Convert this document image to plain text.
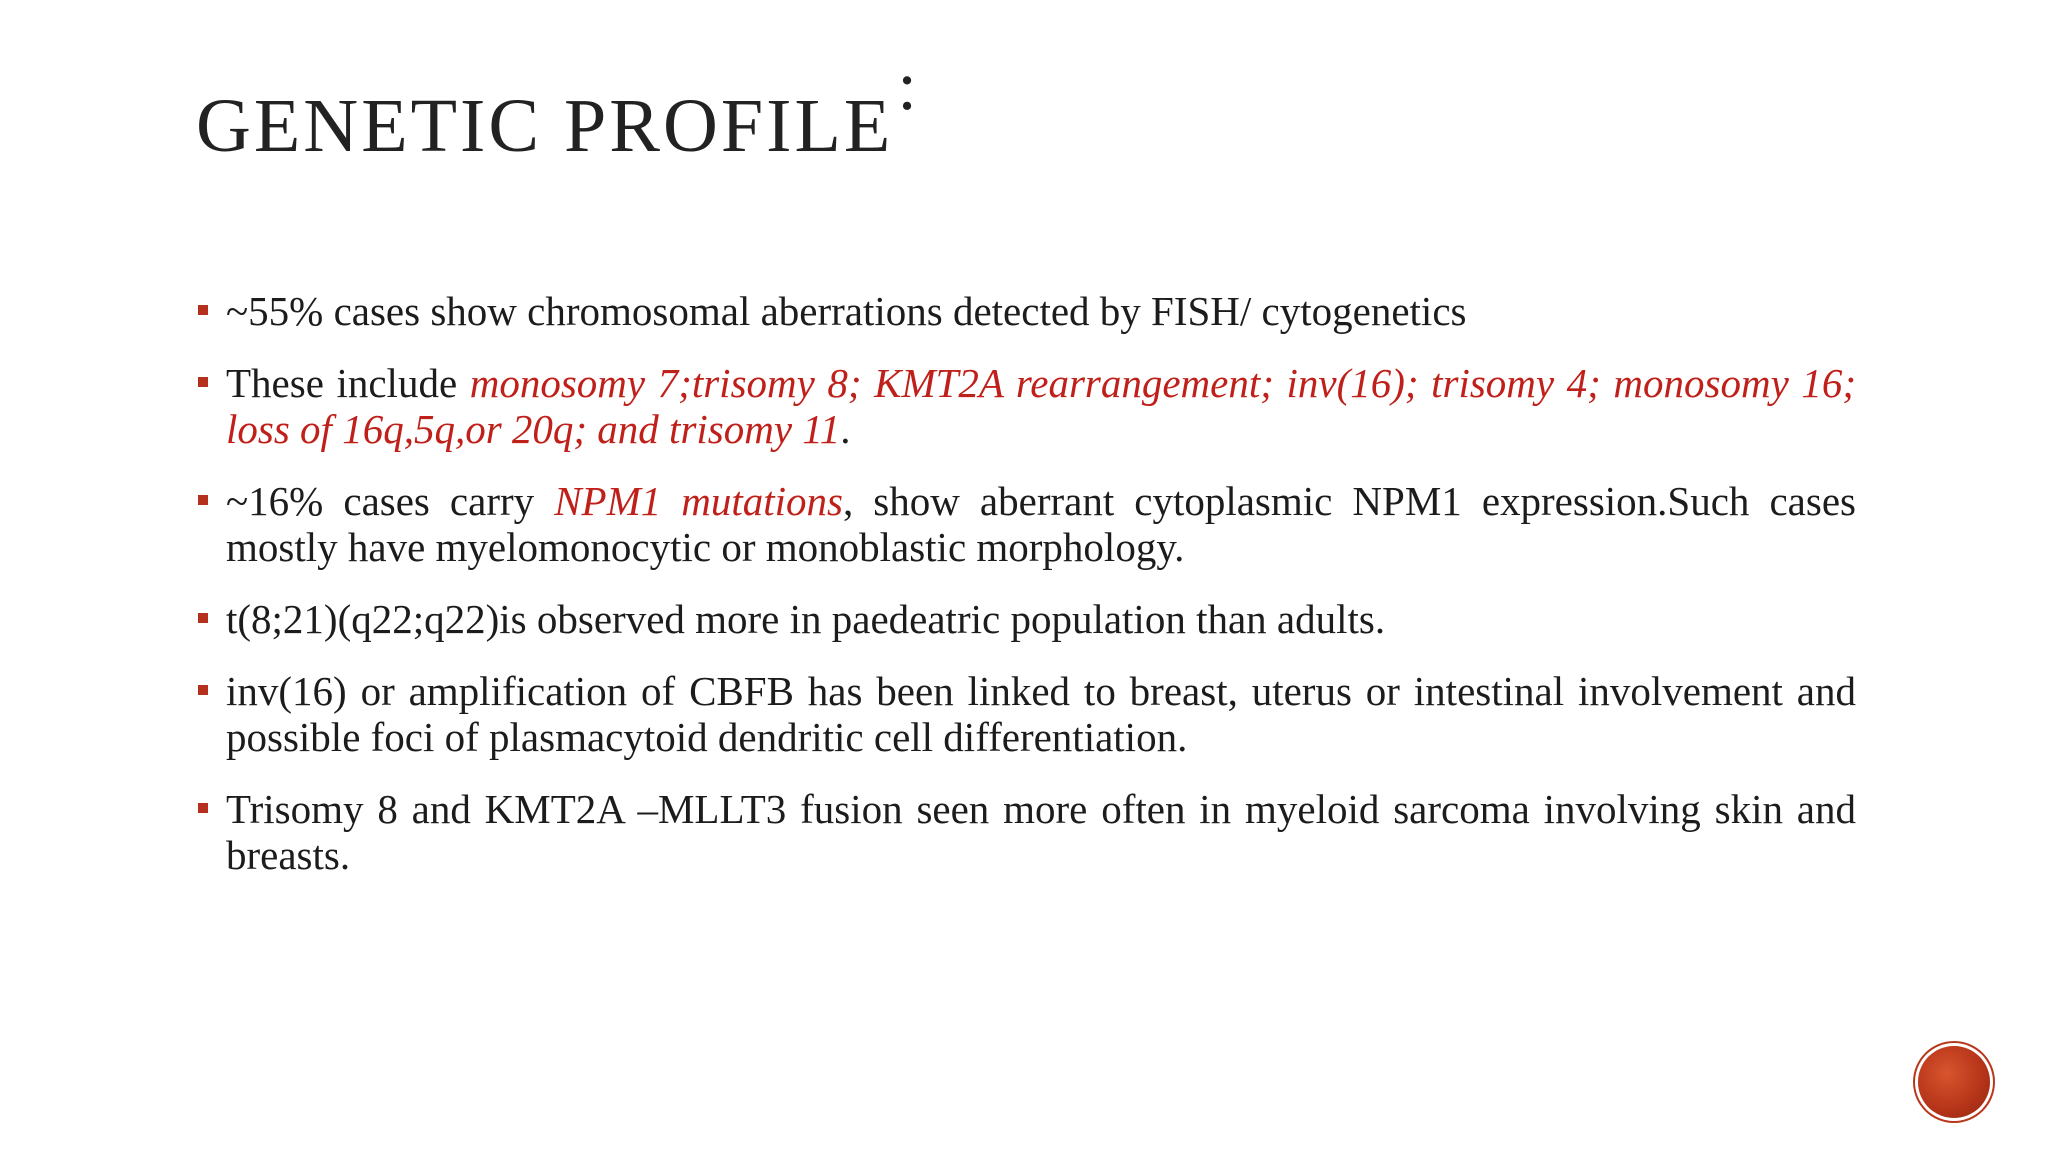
GENETIC PROFILE:
~55% cases show chromosomal aberrations detected by FISH/ cytogenetics
These include monosomy 7;trisomy 8; KMT2A rearrangement; inv(16); trisomy 4; monosomy 16; loss of 16q,5q,or 20q; and trisomy 11.
~16% cases carry NPM1 mutations, show aberrant cytoplasmic NPM1 expression.Such cases mostly have myelomonocytic or monoblastic morphology.
t(8;21)(q22;q22)is observed more in paedeatric population than adults.
inv(16) or amplification of CBFB has been linked to breast, uterus or intestinal involvement and possible foci of plasmacytoid dendritic cell differentiation.
Trisomy 8 and KMT2A –MLLT3 fusion seen more often in myeloid sarcoma involving skin and breasts.
